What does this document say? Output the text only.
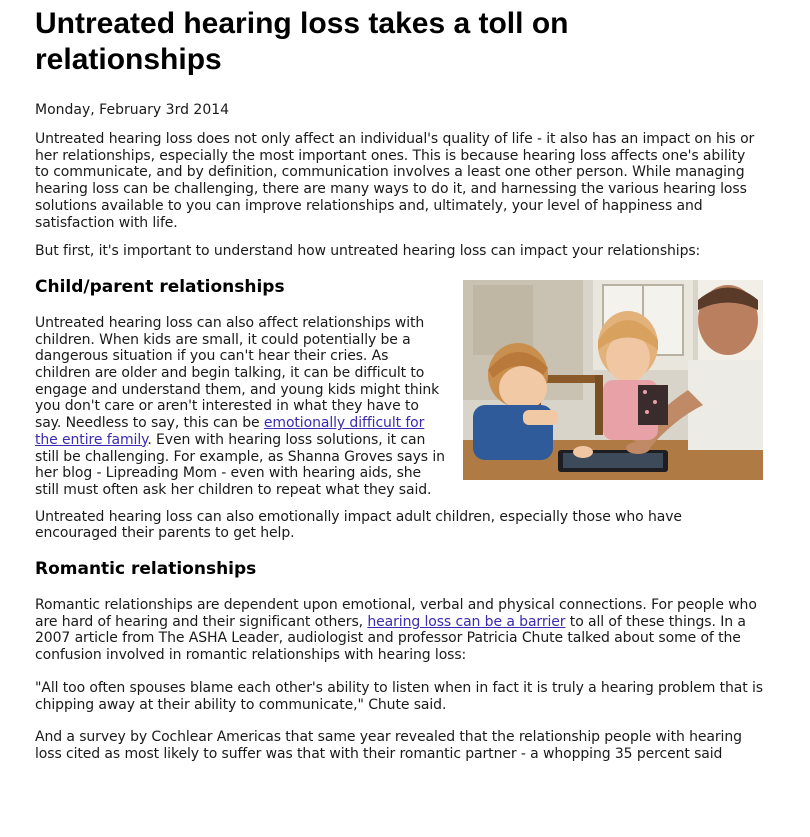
Untreated hearing loss takes a toll on relationships
Monday, February 3rd 2014

Untreated hearing loss does not only affect an individual's quality of life - it also has an impact on his or her relationships, especially the most important ones. This is because hearing loss affects one's ability to communicate, and by definition, communication involves a least one other person. While managing hearing loss can be challenging, there are many ways to do it, and harnessing the various hearing loss solutions available to you can improve relationships and, ultimately, your level of happiness and satisfaction with life.

But first, it's important to understand how untreated hearing loss can impact your relationships:

Child/parent relationships

Untreated hearing loss can also affect relationships with children. When kids are small, it could potentially be a dangerous situation if you can't hear their cries. As children are older and begin talking, it can be difficult to engage and understand them, and young kids might think you don't care or aren't interested in what they have to say. Needless to say, this can be emotionally difficult for the entire family. Even with hearing loss solutions, it can still be challenging. For example, as Shanna Groves says in her blog - Lipreading Mom - even with hearing aids, she still must often ask her children to repeat what they said.

Untreated hearing loss can also emotionally impact adult children, especially those who have encouraged their parents to get help.

Romantic relationships

Romantic relationships are dependent upon emotional, verbal and physical connections. For people who are hard of hearing and their significant others, hearing loss can be a barrier to all of these things. In a 2007 article from The ASHA Leader, audiologist and professor Patricia Chute talked about some of the confusion involved in romantic relationships with hearing loss:

"All too often spouses blame each other's ability to listen when in fact it is truly a hearing problem that is chipping away at their ability to communicate," Chute said.

And a survey by Cochlear Americas that same year revealed that the relationship people with hearing loss cited as most likely to suffer was that with their romantic partner - a whopping 35 percent said
